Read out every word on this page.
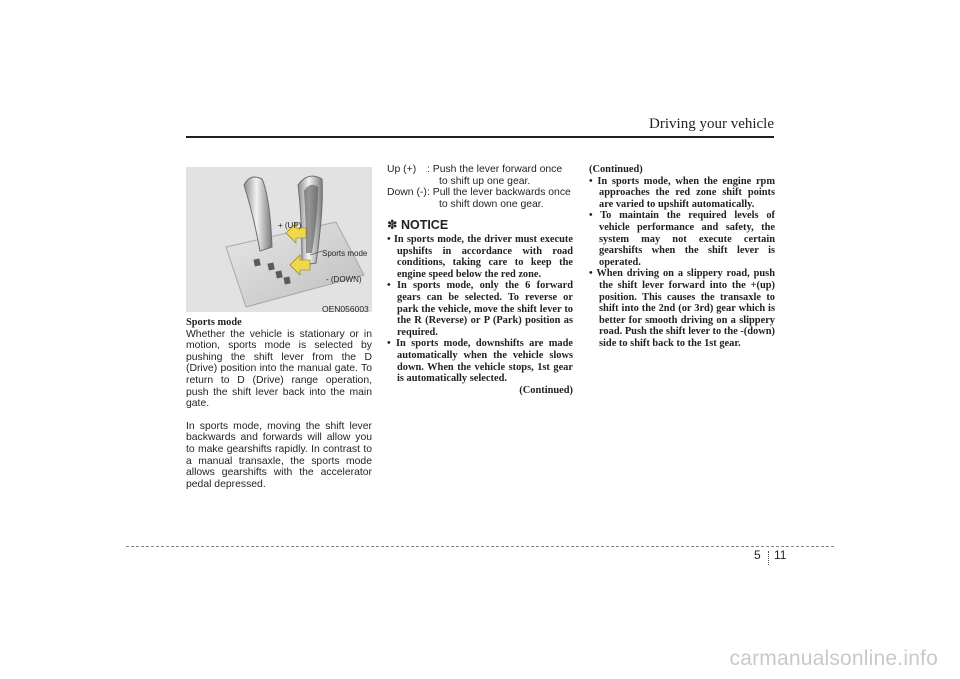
Driving your vehicle
+ (UP)
Sports mode
- (DOWN)
OEN056003
Sports mode
Whether the vehicle is stationary or in motion, sports mode is selected by pushing the shift lever from the D (Drive) position into the manual gate. To return to D (Drive) range operation, push the shift lever back into the main gate.
In sports mode, moving the shift lever backwards and forwards will allow you to make gearshifts rapidly. In contrast to a manual transaxle, the sports mode allows gearshifts with the accelerator pedal depressed.
Up (+)	: Push the lever forward once to shift up one gear.
Down (-) : Pull the lever backwards once to shift down one gear.
✽ NOTICE
• In sports mode, the driver must execute upshifts in accordance with road conditions, taking care to keep the engine speed below the red zone.
• In sports mode, only the 6 forward gears can be selected. To reverse or park the vehicle, move the shift lever to the R (Reverse) or P (Park) position as required.
• In sports mode, downshifts are made automatically when the vehicle slows down. When the vehicle stops, 1st gear is automatically selected.
(Continued)
(Continued)
• In sports mode, when the engine rpm approaches the red zone shift points are varied to upshift automatically.
• To maintain the required levels of vehicle performance and safety, the system may not execute certain gearshifts when the shift lever is operated.
• When driving on a slippery road, push the shift lever forward into the +(up) position. This causes the transaxle to shift into the 2nd (or 3rd) gear which is better for smooth driving on a slippery road. Push the shift lever to the -(down) side to shift back to the 1st gear.
5 11
carmanualsonline.info
